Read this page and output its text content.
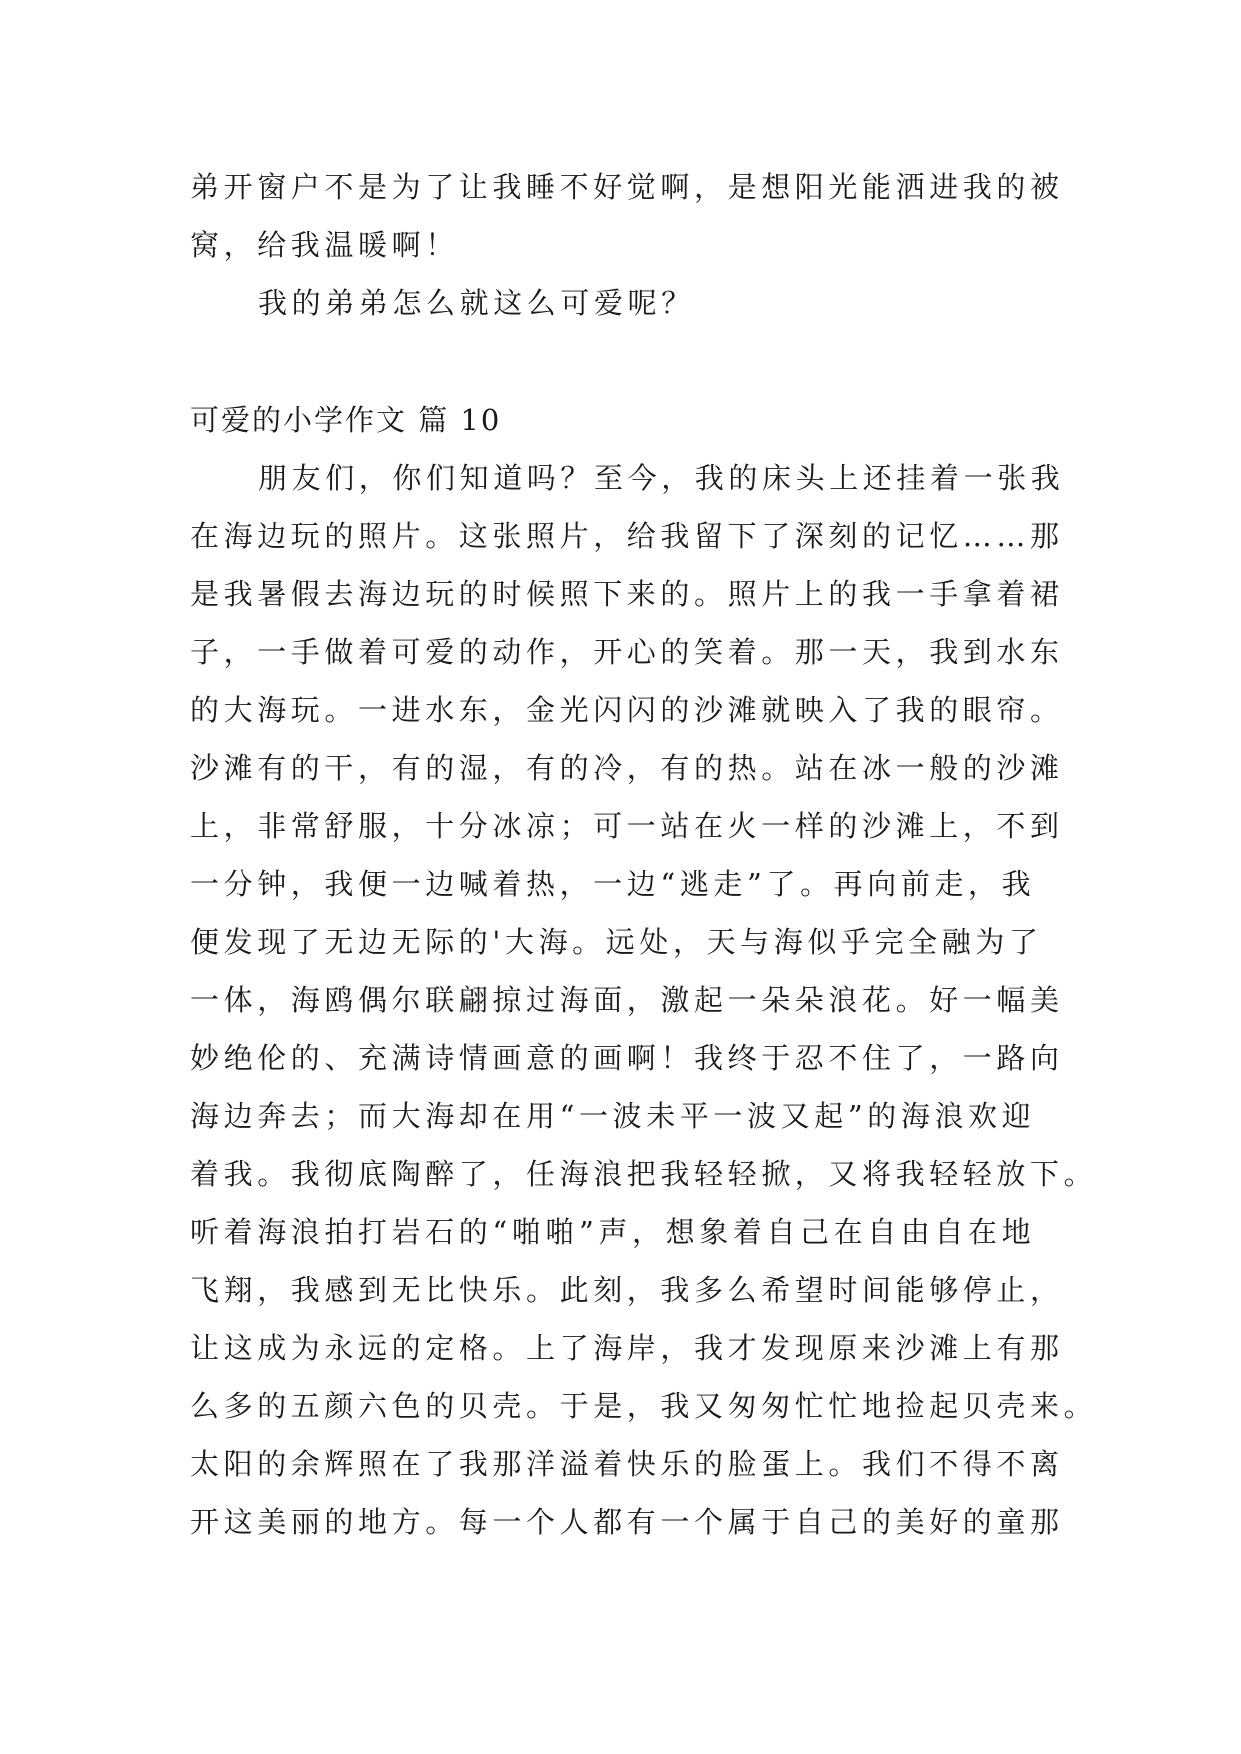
弟开窗户不是为了让我睡不好觉啊，是想阳光能洒进我的被
窝，给我温暖啊！
我的弟弟怎么就这么可爱呢？
可爱的小学作文 篇 10
朋友们，你们知道吗？至今，我的床头上还挂着一张我
在海边玩的照片。这张照片，给我留下了深刻的记忆……那
是我暑假去海边玩的时候照下来的。照片上的我一手拿着裙
子，一手做着可爱的动作，开心的笑着。那一天，我到水东
的大海玩。一进水东，金光闪闪的沙滩就映入了我的眼帘。
沙滩有的干，有的湿，有的冷，有的热。站在冰一般的沙滩
上，非常舒服，十分冰凉；可一站在火一样的沙滩上，不到
一分钟，我便一边喊着热，一边“逃走”了。再向前走，我
便发现了无边无际的'大海。远处，天与海似乎完全融为了
一体，海鸥偶尔联翩掠过海面，激起一朵朵浪花。好一幅美
妙绝伦的、充满诗情画意的画啊！我终于忍不住了，一路向
海边奔去；而大海却在用“一波未平一波又起”的海浪欢迎
着我。我彻底陶醉了，任海浪把我轻轻掀，又将我轻轻放下。
听着海浪拍打岩石的“啪啪”声，想象着自己在自由自在地
飞翔，我感到无比快乐。此刻，我多么希望时间能够停止，
让这成为永远的定格。上了海岸，我才发现原来沙滩上有那
么多的五颜六色的贝壳。于是，我又匆匆忙忙地捡起贝壳来。
太阳的余辉照在了我那洋溢着快乐的脸蛋上。我们不得不离
开这美丽的地方。每一个人都有一个属于自己的美好的童那
